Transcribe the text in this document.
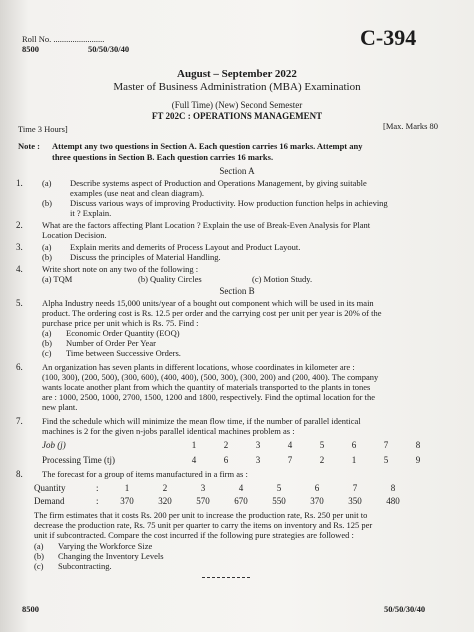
Roll No. ........................
8500	50/50/30/40	C-394
August – September 2022
Master of Business Administration (MBA) Examination
(Full Time) (New) Second Semester
FT 202C : OPERATIONS MANAGEMENT
Time 3 Hours]	[Max. Marks 80
Note : Attempt any two questions in Section A. Each question carries 16 marks. Attempt any
three questions in Section B. Each question carries 16 marks.
Section A
1. (a) Describe systems aspect of Production and Operations Management, by giving suitable
examples (use neat and clean diagram).
(b) Discuss various ways of improving Productivity. How production function helps in achieving
it ? Explain.
2. What are the factors affecting Plant Location ? Explain the use of Break-Even Analysis for Plant
Location Decision.
3. (a) Explain merits and demerits of Process Layout and Product Layout.
(b) Discuss the principles of Material Handling.
4. Write short note on any two of the following :
(a) TQM	(b) Quality Circles	(c) Motion Study.
Section B
5. Alpha Industry needs 15,000 units/year of a bought out component which will be used in its main
product. The ordering cost is Rs. 12.5 per order and the carrying cost per unit per year is 20% of the
purchase price per unit which is Rs. 75. Find :
(a) Economic Order Quantity (EOQ)
(b) Number of Order Per Year
(c) Time between Successive Orders.
6. An organization has seven plants in different locations, whose coordinates in kilometer are :
(100, 300), (200, 500), (300, 600), (400, 400), (500, 300), (300, 200) and (200, 400). The company
wants locate another plant from which the quantity of materials transported to the plants in tones
are : 1000, 2500, 1000, 2700, 1500, 1200 and 1800, respectively. Find the optimal location for the
new plant.
7. Find the schedule which will minimize the mean flow time, if the number of parallel identical
machines is 2 for the given n-jobs parallel identical machines problem as :
Job (j)	1	2	3	4	5	6	7	8
Processing Time (tj)	4	6	3	7	2	1	5	9
8. The forecast for a group of items manufactured in a firm as :
Quantity	:	1	2	3	4	5	6	7	8
Demand	:	370	320	570	670	550	370	350	480
The firm estimates that it costs Rs. 200 per unit to increase the production rate, Rs. 250 per unit to
decrease the production rate, Rs. 75 unit per quarter to carry the items on inventory and Rs. 125 per
unit if subcontracted. Compare the cost incurred if the following pure strategies are followed :
(a) Varying the Workforce Size
(b) Changing the Inventory Levels
(c) Subcontracting.
8500	50/50/30/40
